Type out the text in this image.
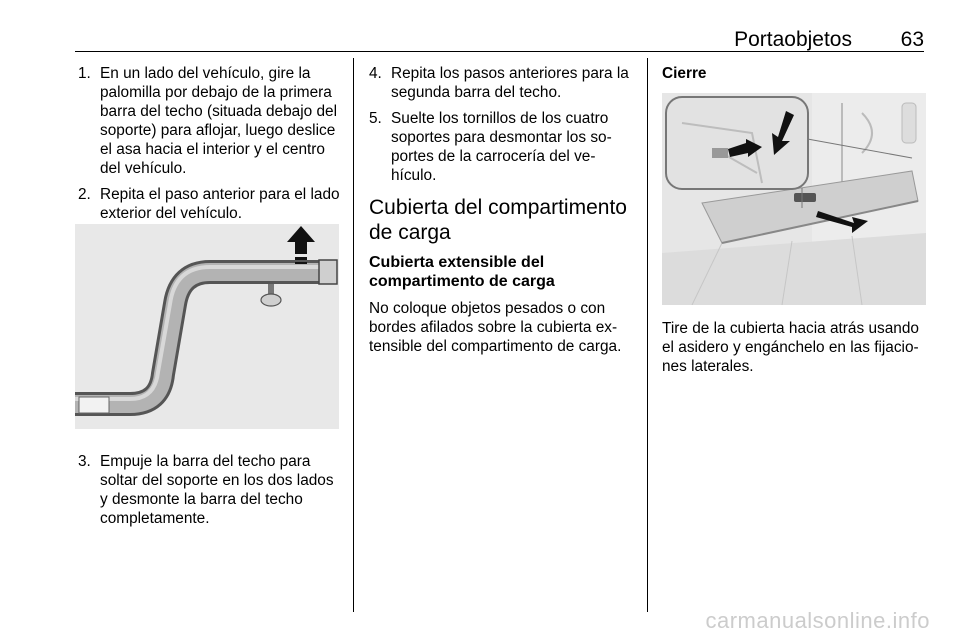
Portaobjetos 63
1. En un lado del vehículo, gire la palomilla por debajo de la primera barra del techo (situada debajo del soporte) para aflojar, luego deslice el asa hacia el interior y el centro del vehículo.
2. Repita el paso anterior para el lado exterior del vehículo.
3. Empuje la barra del techo para soltar del soporte en los dos lados y desmonte la barra del techo completamente.
4. Repita los pasos anteriores para la segunda barra del techo.
5. Suelte los tornillos de los cuatro soportes para desmontar los so‐ portes de la carrocería del ve‐ hículo.
Cubierta del compartimento de carga
Cubierta extensible del compartimento de carga

No coloque objetos pesados o con bordes afilados sobre la cubierta ex‐ tensible del compartimento de carga.

Cierre
Tire de la cubierta hacia atrás usando el asidero y engánchelo en las fijacio‐ nes laterales.
carmanualsonline.info
